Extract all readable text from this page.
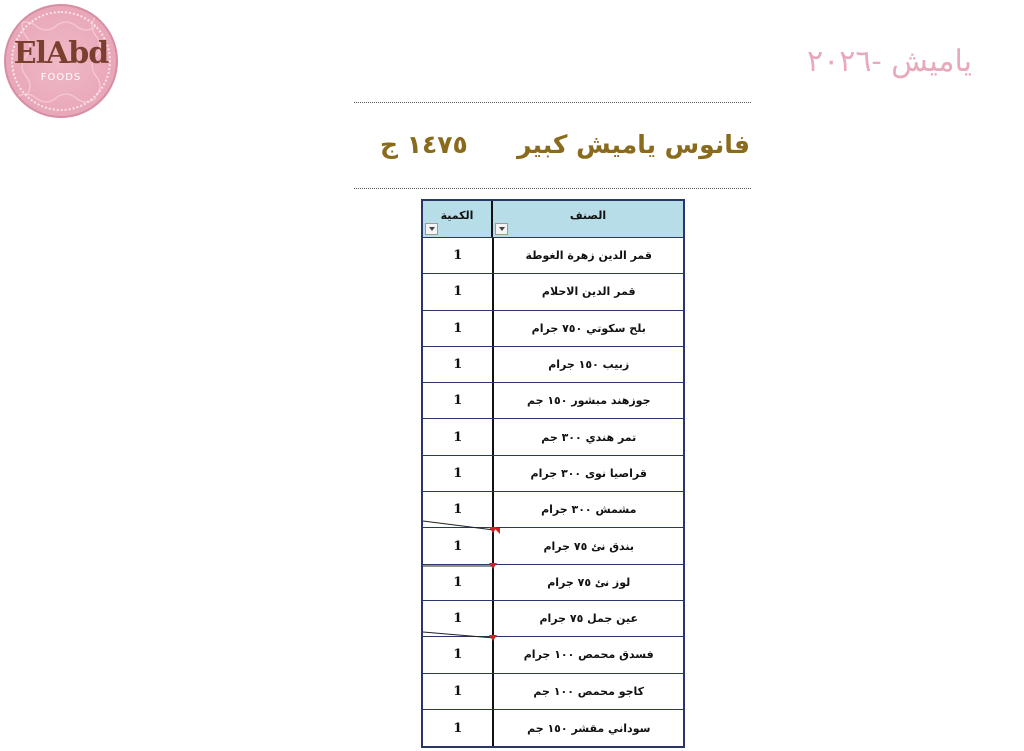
ElAbd
FOODS	ياميش -٢٠٢٦
فانوس ياميش كبير
١٤٧٥ ج
الصنف
الكمية
قمر الدين زهرة الغوطة
1
قمر الدين الاحلام
1
بلح سكوتي ٧٥٠ جرام
1
زبيب ١٥٠ جرام
1
جوزهند مبشور ١٥٠ جم
1
تمر هندي ٣٠٠ جم
1
قراصيا نوى ٣٠٠ جرام
1
مشمش ٣٠٠ جرام
1
بندق نئ ٧٥ جرام
1
لوز نئ ٧٥ جرام
1
عين جمل ٧٥ جرام
1
فسدق محمص ١٠٠ جرام
1
كاجو محمص ١٠٠ جم
1
سوداني مقشر ١٥٠ جم
1
